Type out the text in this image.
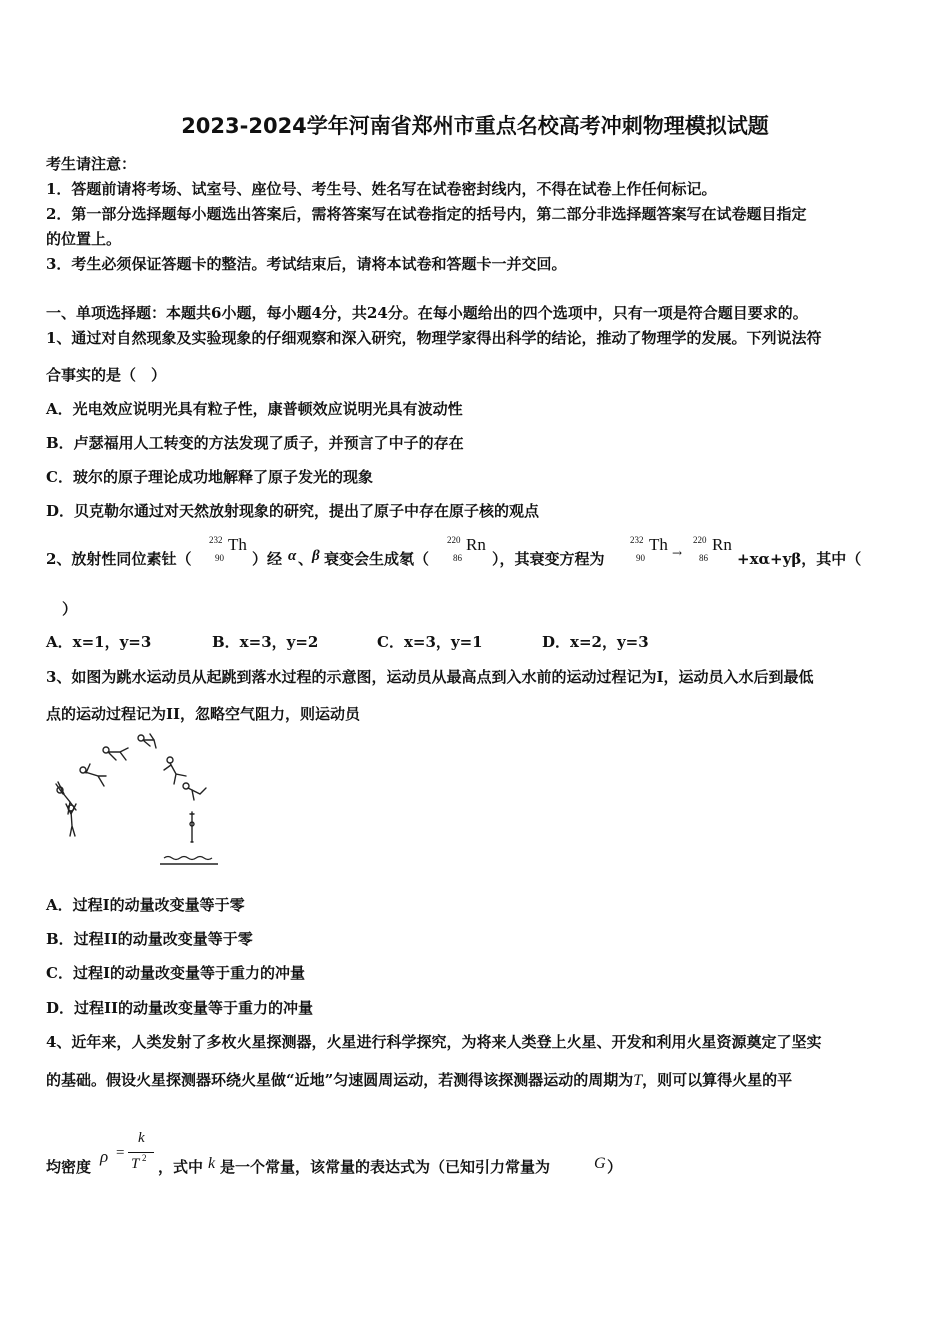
2023-2024学年河南省郑州市重点名校高考冲刺物理模拟试题
考生请注意：
1．答题前请将考场、试室号、座位号、考生号、姓名写在试卷密封线内，不得在试卷上作任何标记。
2．第一部分选择题每小题选出答案后，需将答案写在试卷指定的括号内，第二部分非选择题答案写在试卷题目指定
的位置上。
3．考生必须保证答题卡的整洁。考试结束后，请将本试卷和答题卡一并交回。
一、单项选择题：本题共6小题，每小题4分，共24分。在每小题给出的四个选项中，只有一项是符合题目要求的。
1、通过对自然现象及实验现象的仔细观察和深入研究，物理学家得出科学的结论，推动了物理学的发展。下列说法符
合事实的是（　）
A．光电效应说明光具有粒子性，康普顿效应说明光具有波动性
B．卢瑟福用人工转变的方法发现了质子，并预言了中子的存在
C．玻尔的原子理论成功地解释了原子发光的现象
D．贝克勒尔通过对天然放射现象的研究，提出了原子中存在原子核的观点
2、放射性同位素钍（
232
90
Th
）经 α 、
β 衰变会生成氡（
220
86
Rn
），其衰变方程为
232
90
Th →
220
86
Rn
+xα+yβ，其中（
）
A．x=1，y=3	B．x=3，y=2	C．x=3，y=1	D．x=2，y=3
3、如图为跳水运动员从起跳到落水过程的示意图，运动员从最高点到入水前的运动过程记为I，运动员入水后到最低
点的运动过程记为II，忽略空气阻力，则运动员
A．过程I的动量改变量等于零
B．过程II的动量改变量等于零
C．过程I的动量改变量等于重力的冲量
D．过程II的动量改变量等于重力的冲量
4、近年来，人类发射了多枚火星探测器，火星进行科学探究，为将来人类登上火星、开发和利用火星资源奠定了坚实
的基础。假设火星探测器环绕火星做“近地”匀速圆周运动，若测得该探测器运动的周期为T，则可以算得火星的平
均密度
ρ =
k
T 2 ，式中 k 是一个常量，该常量的表达式为（已知引力常量为	G ）
